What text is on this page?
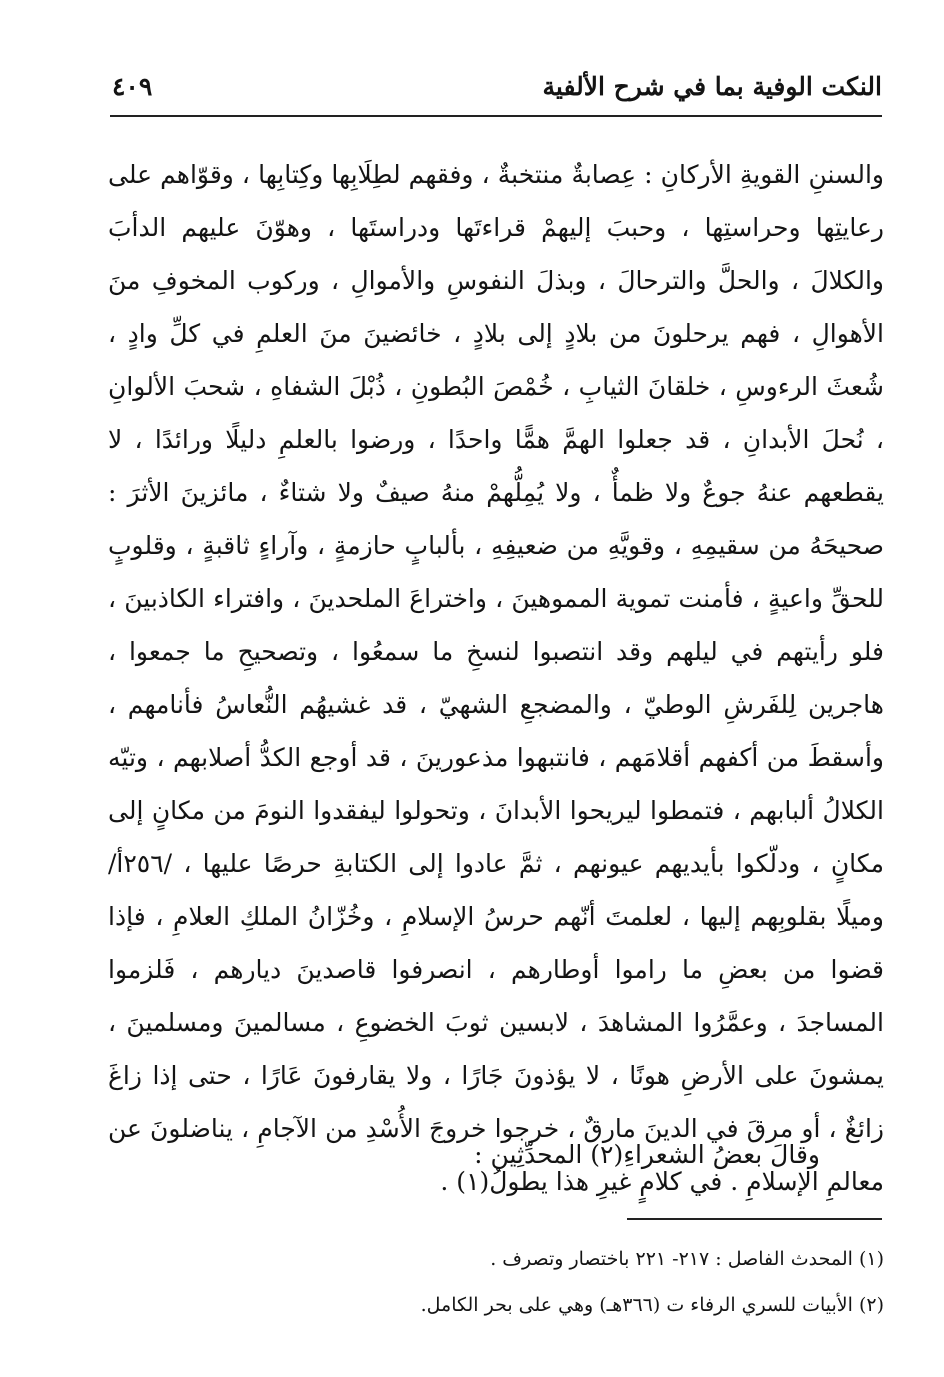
النكت الوفية بما في شرح الألفية
٤٠٩

والسننِ القويةِ الأركانِ : عِصابةٌ منتخبةٌ ، وفقهم لطِلَابِها وكِتابِها ، وقوّاهم على رعايتِها وحراستِها ، وحببَ إليهمْ قراءتَها ودراستَها ، وهوّنَ عليهم الدأبَ والكلالَ ، والحلَّ والترحالَ ، وبذلَ النفوسِ والأموالِ ، وركوب المخوفِ منَ الأهوالِ ، فهم يرحلونَ من بلادٍ إلى بلادٍ ، خائضينَ منَ العلمِ في كلِّ وادٍ ، شُعثَ الرءوسِ ، خلقانَ الثيابِ ، خُمْصَ البُطونِ ، ذُبْلَ الشفاهِ ، شحبَ الألوانِ ، نُحلَ الأبدانِ ، قد جعلوا الهمَّ همًّا واحدًا ، ورضوا بالعلمِ دليلًا ورائدًا ، لا يقطعهم عنهُ جوعٌ ولا ظمأٌ ، ولا يُمِلُّهمْ منهُ صيفٌ ولا شتاءٌ ، مائزينَ الأثرَ : صحيحَهُ من سقيمِهِ ، وقويَّهِ من ضعيفِهِ ، بألبابٍ حازمةٍ ، وآراءٍ ثاقبةٍ ، وقلوبٍ للحقِّ واعيةٍ ، فأمنت تموية المموهينَ ، واختراعَ الملحدينَ ، وافتراء الكاذبينَ ، فلو رأيتهم في ليلهم وقد انتصبوا لنسخِ ما سمعُوا ، وتصحيحِ ما جمعوا ، هاجرين لِلفَرشِ الوطيّ ، والمضجعِ الشهيّ ، قد غشيهُم النُّعاسُ فأنامهم ، وأسقطَ من أكفهم أقلامَهم ، فانتبهوا مذعورينَ ، قد أوجع الكدُّ أصلابهم ، وتيّه الكلالُ ألبابهم ، فتمطوا ليريحوا الأبدانَ ، وتحولوا ليفقدوا النومَ من مكانٍ إلى مكانٍ ، ودلّكوا بأيديهم عيونهم ، ثمَّ عادوا إلى الكتابةِ حرصًا عليها ، /٢٥٦أ/ وميلًا بقلوبِهم إليها ، لعلمتَ أنّهم حرسُ الإسلامِ ، وخُزّانُ الملكِ العلامِ ، فإذا قضوا من بعضِ ما راموا أوطارهم ، انصرفوا قاصدينَ ديارهم ، فَلزموا المساجدَ ، وعمَّرُوا المشاهدَ ، لابسين ثوبَ الخضوعِ ، مسالمينَ ومسلمينَ ، يمشونَ على الأرضِ هونًا ، لا يؤذونَ جَارًا ، ولا يقارفونَ عَارًا ، حتى إذا زاغَ زائغٌ ، أو مرقَ في الدينَ مارقٌ ، خرجوا خروجَ الأُسْدِ من الآجامِ ، يناضلونَ عن معالمِ الإسلامِ . في كلامٍ غيرِ هذا يطولُ(١) .

وقالَ بعضُ الشعراءِ(٢) المحدِّثِين :
(١) المحدث الفاصل : ٢١٧- ٢٢١ باختصار وتصرف .
(٢) الأبيات للسري الرفاء ت (٣٦٦هـ) وهي على بحر الكامل.
